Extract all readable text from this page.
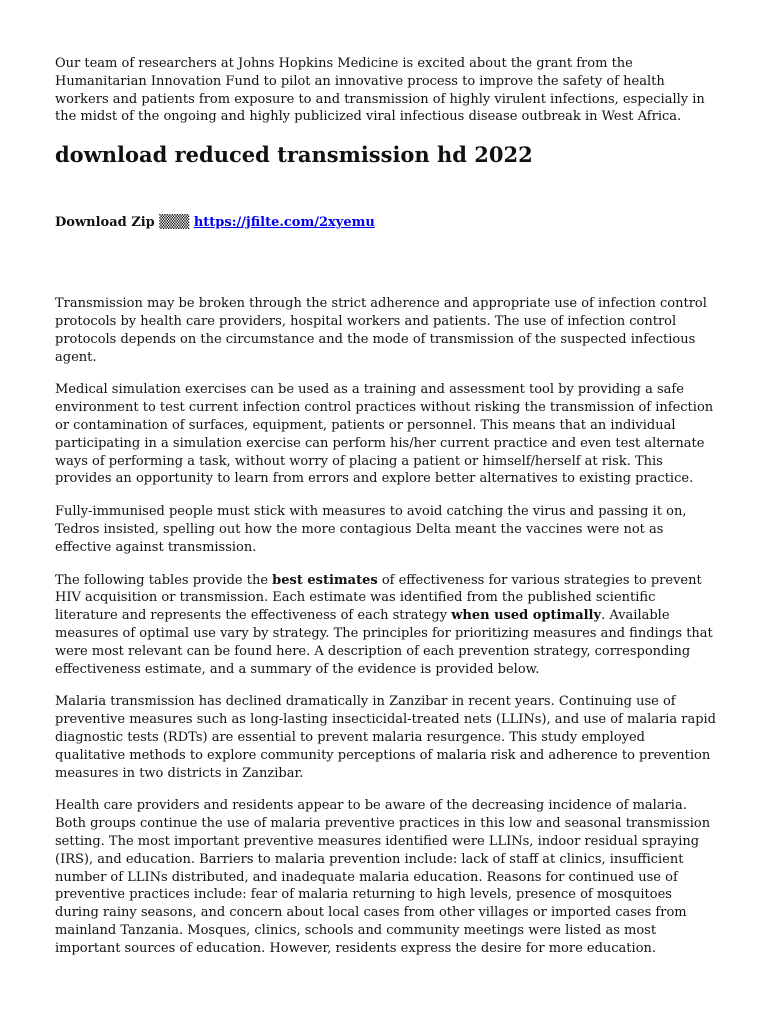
Our team of researchers at Johns Hopkins Medicine is excited about the grant from the Humanitarian Innovation Fund to pilot an innovative process to improve the safety of health workers and patients from exposure to and transmission of highly virulent infections, especially in the midst of the ongoing and highly publicized viral infectious disease outbreak in West Africa.

download reduced transmission hd 2022
Download Zip ▒▒▒ https://jfilte.com/2xyemu

Transmission may be broken through the strict adherence and appropriate use of infection control protocols by health care providers, hospital workers and patients. The use of infection control protocols depends on the circumstance and the mode of transmission of the suspected infectious agent.

Medical simulation exercises can be used as a training and assessment tool by providing a safe environment to test current infection control practices without risking the transmission of infection or contamination of surfaces, equipment, patients or personnel. This means that an individual participating in a simulation exercise can perform his/her current practice and even test alternate ways of performing a task, without worry of placing a patient or himself/herself at risk. This provides an opportunity to learn from errors and explore better alternatives to existing practice.

Fully-immunised people must stick with measures to avoid catching the virus and passing it on, Tedros insisted, spelling out how the more contagious Delta meant the vaccines were not as effective against transmission.

The following tables provide the best estimates of effectiveness for various strategies to prevent HIV acquisition or transmission. Each estimate was identified from the published scientific literature and represents the effectiveness of each strategy when used optimally. Available measures of optimal use vary by strategy. The principles for prioritizing measures and findings that were most relevant can be found here. A description of each prevention strategy, corresponding effectiveness estimate, and a summary of the evidence is provided below.

Malaria transmission has declined dramatically in Zanzibar in recent years. Continuing use of preventive measures such as long-lasting insecticidal-treated nets (LLINs), and use of malaria rapid diagnostic tests (RDTs) are essential to prevent malaria resurgence. This study employed qualitative methods to explore community perceptions of malaria risk and adherence to prevention measures in two districts in Zanzibar.

Health care providers and residents appear to be aware of the decreasing incidence of malaria. Both groups continue the use of malaria preventive practices in this low and seasonal transmission setting. The most important preventive measures identified were LLINs, indoor residual spraying (IRS), and education. Barriers to malaria prevention include: lack of staff at clinics, insufficient number of LLINs distributed, and inadequate malaria education. Reasons for continued use of preventive practices include: fear of malaria returning to high levels, presence of mosquitoes during rainy seasons, and concern about local cases from other villages or imported cases from mainland Tanzania. Mosques, clinics, schools and community meetings were listed as most important sources of education. However, residents express the desire for more education.
